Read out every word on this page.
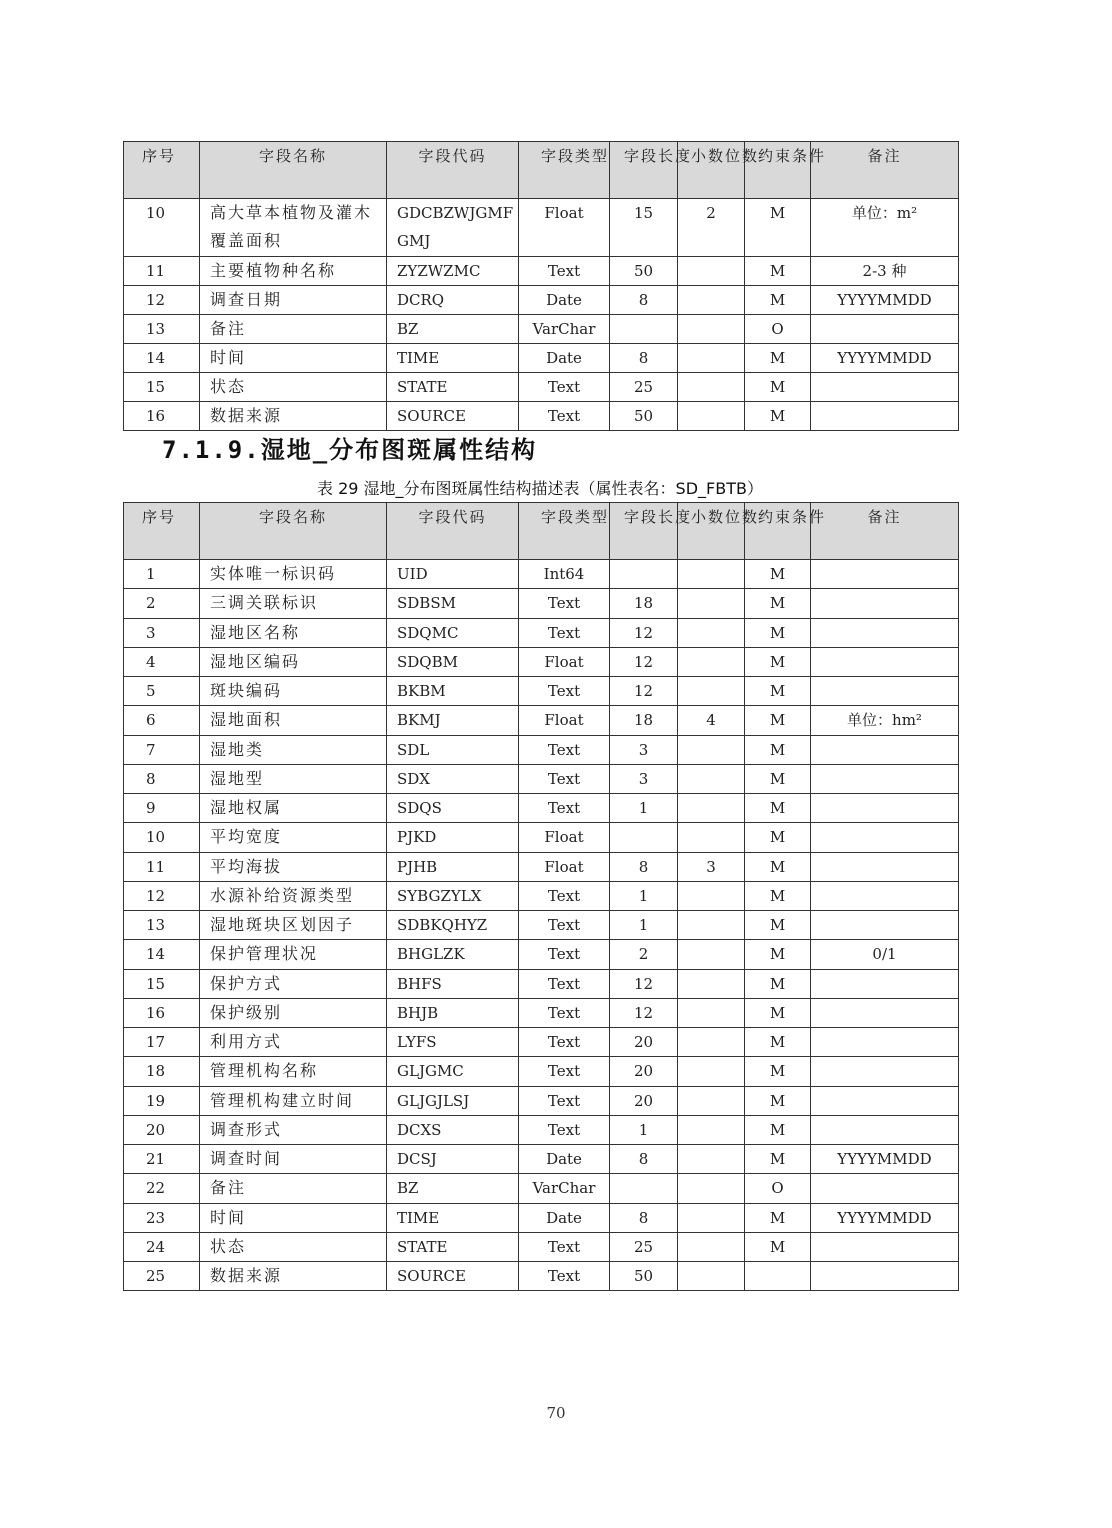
序号	字段名称	字段代码	字段类型	字段长度	小数位数	约束条件	备注
10	高大草本植物及灌木覆盖面积	GDCBZWJGMFGMJ	Float	15	2	M	单位：m²
11	主要植物种名称	ZYZWZMC	Text	50		M	2-3 种
12	调查日期	DCRQ	Date	8		M	YYYYMMDD
13	备注	BZ	VarChar			O	
14	时间	TIME	Date	8		M	YYYYMMDD
15	状态	STATE	Text	25		M	
16	数据来源	SOURCE	Text	50		M	
7.1.9.湿地_分布图斑属性结构
表 29 湿地_分布图斑属性结构描述表（属性表名：SD_FBTB）
序号	字段名称	字段代码	字段类型	字段长度	小数位数	约束条件	备注
1	实体唯一标识码	UID	Int64			M	
2	三调关联标识	SDBSM	Text	18		M	
3	湿地区名称	SDQMC	Text	12		M	
4	湿地区编码	SDQBM	Float	12		M	
5	斑块编码	BKBM	Text	12		M	
6	湿地面积	BKMJ	Float	18	4	M	单位：hm²
7	湿地类	SDL	Text	3		M	
8	湿地型	SDX	Text	3		M	
9	湿地权属	SDQS	Text	1		M	
10	平均宽度	PJKD	Float			M	
11	平均海拔	PJHB	Float	8	3	M	
12	水源补给资源类型	SYBGZYLX	Text	1		M	
13	湿地斑块区划因子	SDBKQHYZ	Text	1		M	
14	保护管理状况	BHGLZK	Text	2		M	0/1
15	保护方式	BHFS	Text	12		M	
16	保护级别	BHJB	Text	12		M	
17	利用方式	LYFS	Text	20		M	
18	管理机构名称	GLJGMC	Text	20		M	
19	管理机构建立时间	GLJGJLSJ	Text	20		M	
20	调查形式	DCXS	Text	1		M	
21	调查时间	DCSJ	Date	8		M	YYYYMMDD
22	备注	BZ	VarChar			O	
23	时间	TIME	Date	8		M	YYYYMMDD
24	状态	STATE	Text	25		M	
25	数据来源	SOURCE	Text	50			
70
